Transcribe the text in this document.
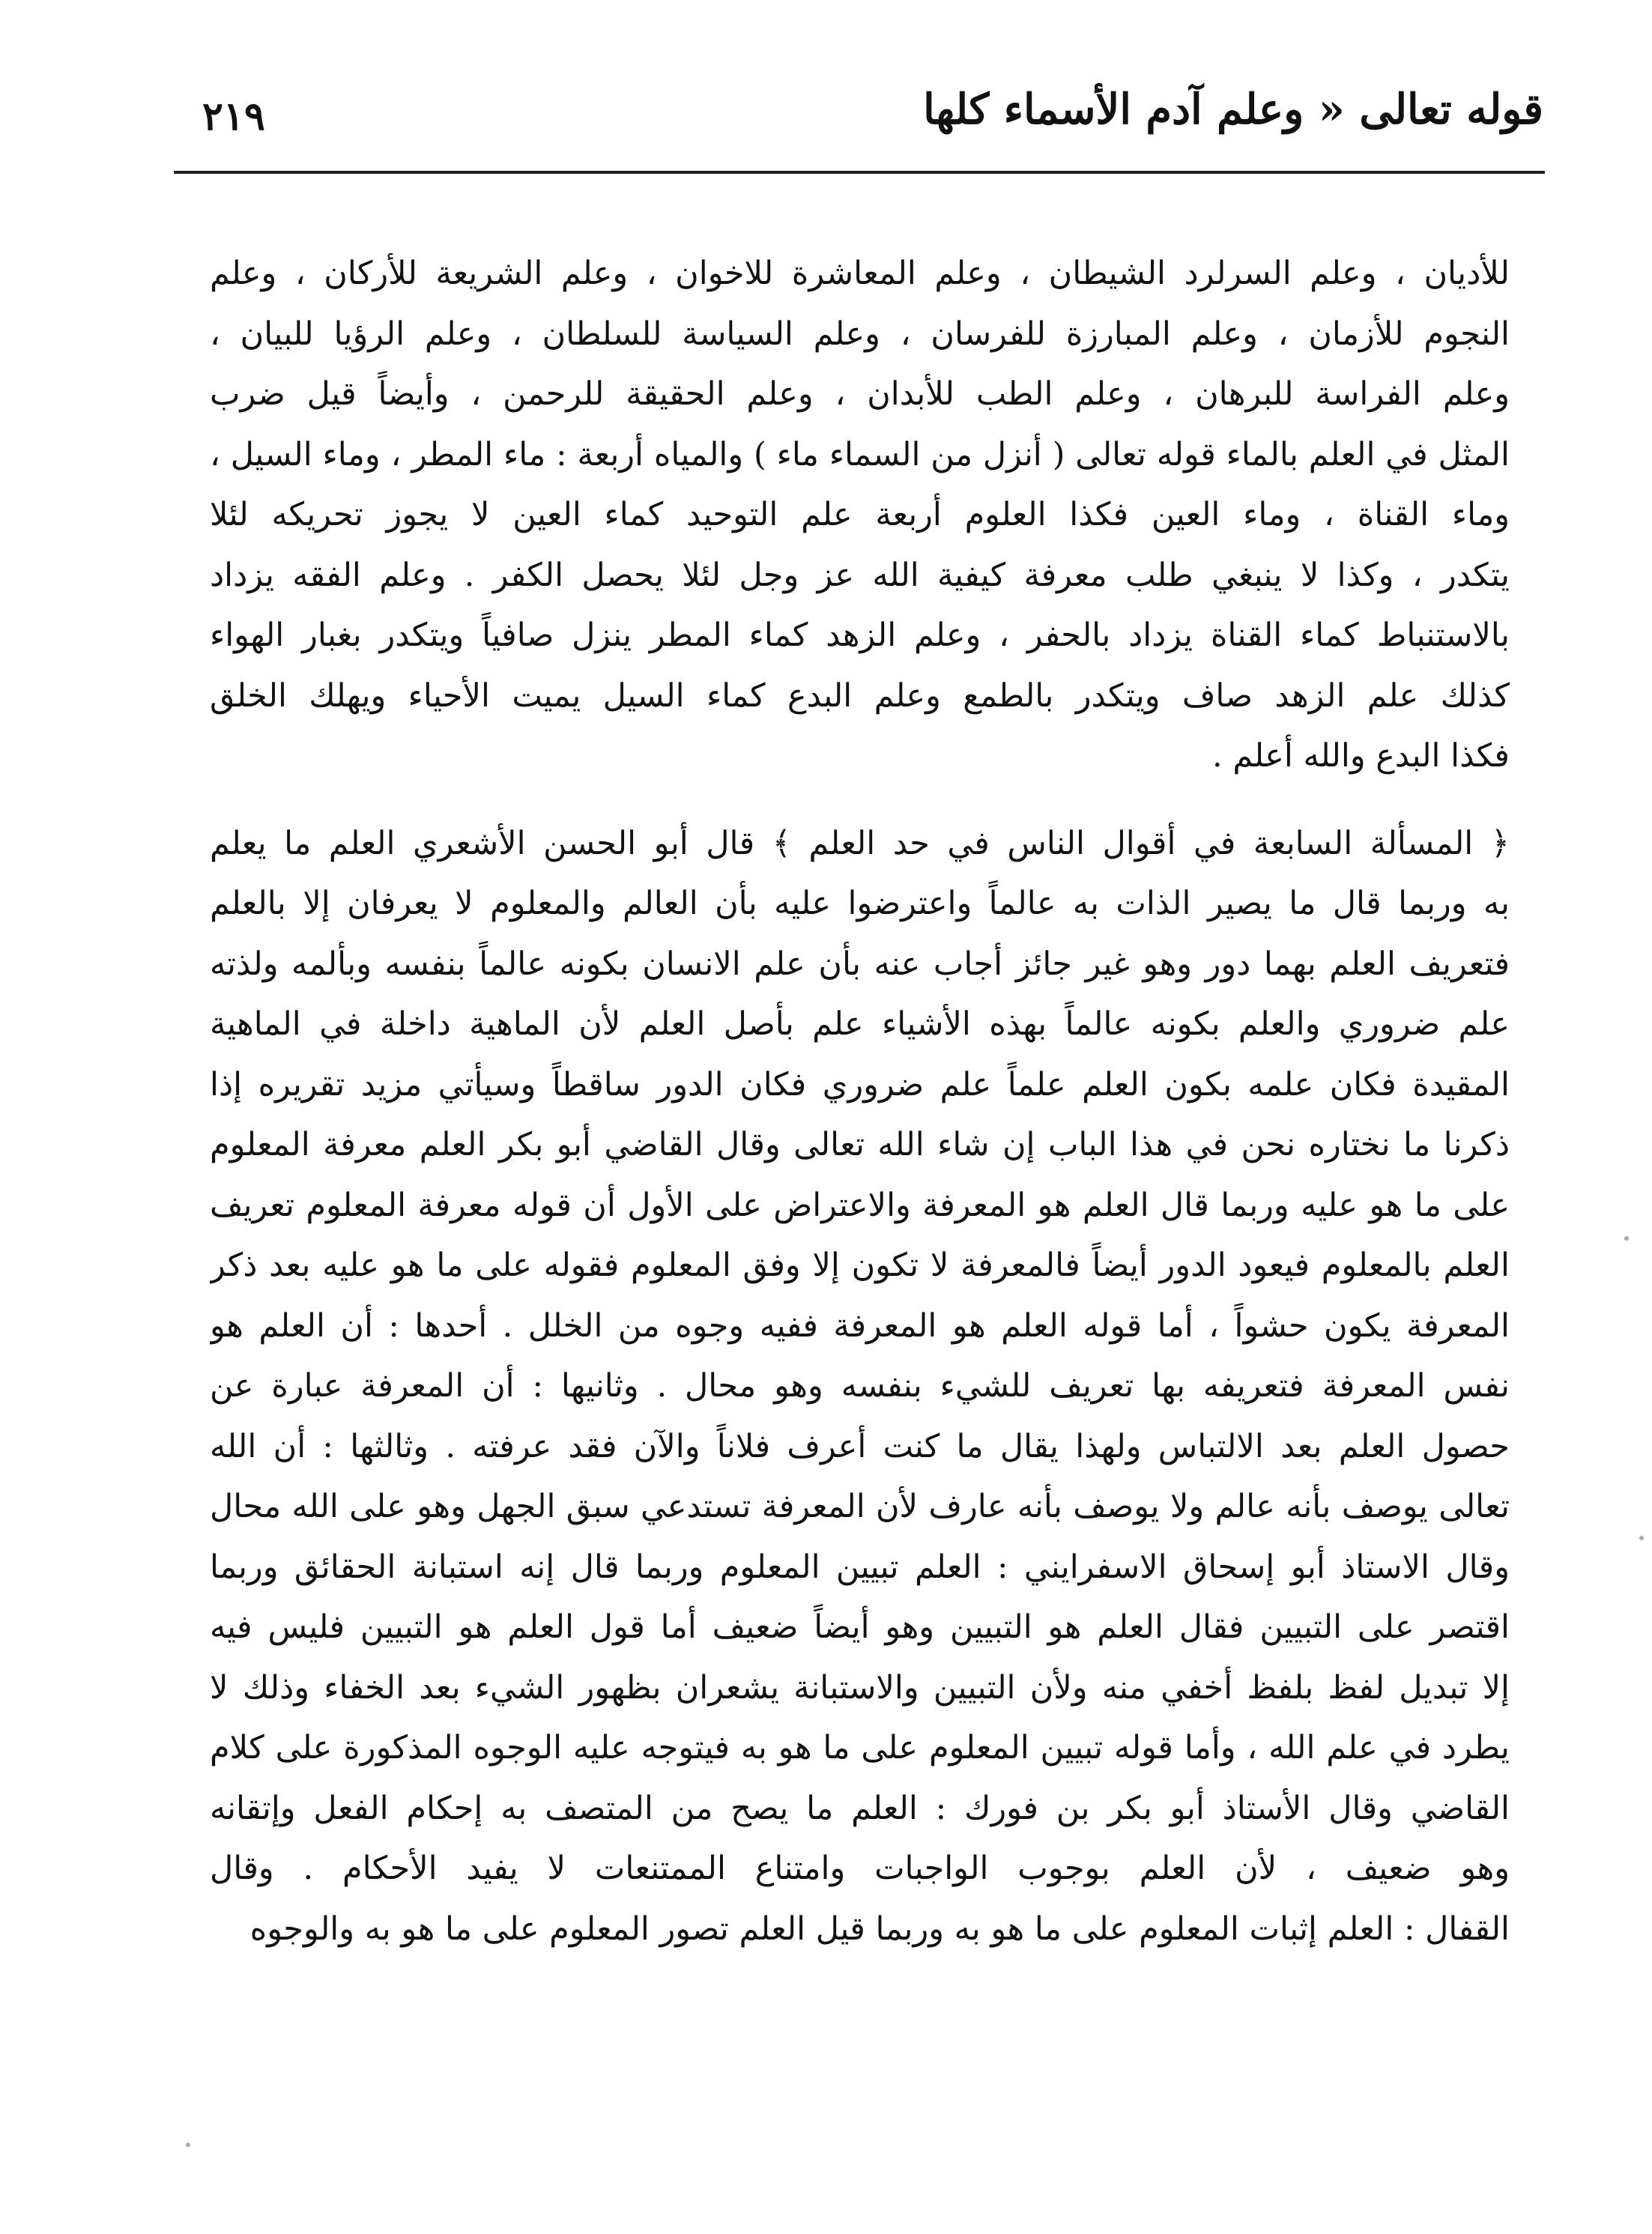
قوله تعالى « وعلم آدم الأسماء كلها
٢١٩
للأديان ، وعلم السرلرد الشيطان ، وعلم المعاشرة للاخوان ، وعلم الشريعة للأركان ، وعلم
النجوم للأزمان ، وعلم المبارزة للفرسان ، وعلم السياسة للسلطان ، وعلم الرؤيا للبيان ،
وعلم الفراسة للبرهان ، وعلم الطب للأبدان ، وعلم الحقيقة للرحمن ، وأيضاً قيل ضرب
المثل في العلم بالماء قوله تعالى ( أنزل من السماء ماء ) والمياه أربعة : ماء المطر ، وماء السيل ،
وماء القناة ، وماء العين فكذا العلوم أربعة علم التوحيد كماء العين لا يجوز تحريكه لئلا
يتكدر ، وكذا لا ينبغي طلب معرفة كيفية الله عز وجل لئلا يحصل الكفر . وعلم الفقه يزداد
بالاستنباط كماء القناة يزداد بالحفر ، وعلم الزهد كماء المطر ينزل صافياً ويتكدر بغبار الهواء
كذلك علم الزهد صاف ويتكدر بالطمع وعلم البدع كماء السيل يميت الأحياء ويهلك الخلق
فكذا البدع والله أعلم .
﴿ المسألة السابعة في أقوال الناس في حد العلم ﴾ قال أبو الحسن الأشعري العلم ما يعلم
به وربما قال ما يصير الذات به عالماً واعترضوا عليه بأن العالم والمعلوم لا يعرفان إلا بالعلم
فتعريف العلم بهما دور وهو غير جائز أجاب عنه بأن علم الانسان بكونه عالماً بنفسه وبألمه ولذته
علم ضروري والعلم بكونه عالماً بهذه الأشياء علم بأصل العلم لأن الماهية داخلة في الماهية
المقيدة فكان علمه بكون العلم علماً علم ضروري فكان الدور ساقطاً وسيأتي مزيد تقريره إذا
ذكرنا ما نختاره نحن في هذا الباب إن شاء الله تعالى وقال القاضي أبو بكر العلم معرفة المعلوم
على ما هو عليه وربما قال العلم هو المعرفة والاعتراض على الأول أن قوله معرفة المعلوم تعريف
العلم بالمعلوم فيعود الدور أيضاً فالمعرفة لا تكون إلا وفق المعلوم فقوله على ما هو عليه بعد ذكر
المعرفة يكون حشواً ، أما قوله العلم هو المعرفة ففيه وجوه من الخلل . أحدها : أن العلم هو
نفس المعرفة فتعريفه بها تعريف للشيء بنفسه وهو محال . وثانيها : أن المعرفة عبارة عن
حصول العلم بعد الالتباس ولهذا يقال ما كنت أعرف فلاناً والآن فقد عرفته . وثالثها : أن الله
تعالى يوصف بأنه عالم ولا يوصف بأنه عارف لأن المعرفة تستدعي سبق الجهل وهو على الله محال
وقال الاستاذ أبو إسحاق الاسفرايني : العلم تبيين المعلوم وربما قال إنه استبانة الحقائق وربما
اقتصر على التبيين فقال العلم هو التبيين وهو أيضاً ضعيف أما قول العلم هو التبيين فليس فيه
إلا تبديل لفظ بلفظ أخفي منه ولأن التبيين والاستبانة يشعران بظهور الشيء بعد الخفاء وذلك لا
يطرد في علم الله ، وأما قوله تبيين المعلوم على ما هو به فيتوجه عليه الوجوه المذكورة على كلام
القاضي وقال الأستاذ أبو بكر بن فورك : العلم ما يصح من المتصف به إحكام الفعل وإتقانه
وهو ضعيف ، لأن العلم بوجوب الواجبات وامتناع الممتنعات لا يفيد الأحكام . وقال
القفال : العلم إثبات المعلوم على ما هو به وربما قيل العلم تصور المعلوم على ما هو به والوجوه
